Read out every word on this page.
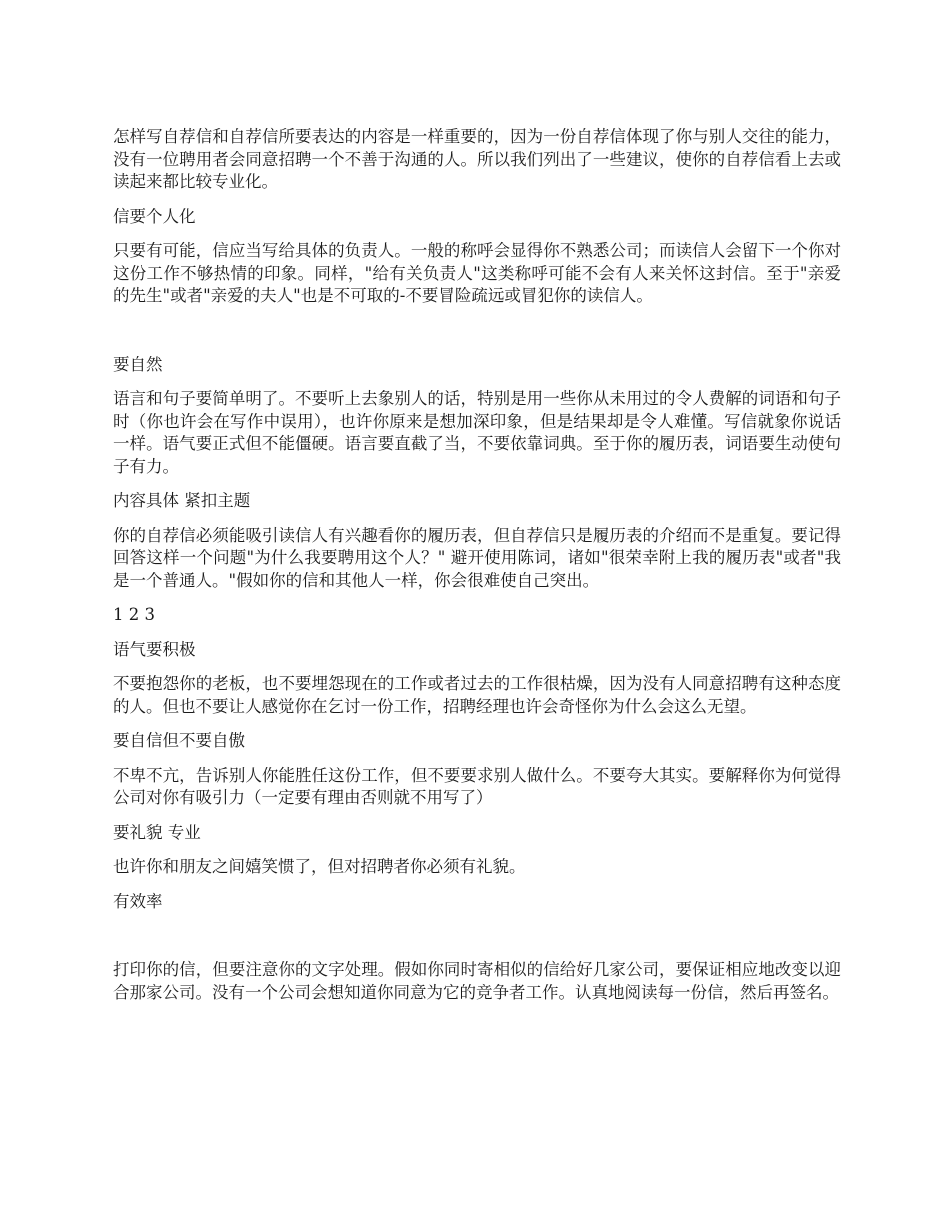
怎样写自荐信和自荐信所要表达的内容是一样重要的，因为一份自荐信体现了你与别人交往的能力，没有一位聘用者会同意招聘一个不善于沟通的人。所以我们列出了一些建议，使你的自荐信看上去或读起来都比较专业化。

信要个人化

只要有可能，信应当写给具体的负责人。一般的称呼会显得你不熟悉公司；而读信人会留下一个你对这份工作不够热情的印象。同样，"给有关负责人"这类称呼可能不会有人来关怀这封信。至于"亲爱的先生"或者"亲爱的夫人"也是不可取的-不要冒险疏远或冒犯你的读信人。

要自然

语言和句子要简单明了。不要听上去象别人的话，特别是用一些你从未用过的令人费解的词语和句子时（你也许会在写作中误用），也许你原来是想加深印象，但是结果却是令人难懂。写信就象你说话一样。语气要正式但不能僵硬。语言要直截了当，不要依靠词典。至于你的履历表，词语要生动使句子有力。

内容具体 紧扣主题

你的自荐信必须能吸引读信人有兴趣看你的履历表，但自荐信只是履历表的介绍而不是重复。要记得回答这样一个问题"为什么我要聘用这个人？" 避开使用陈词，诸如"很荣幸附上我的履历表"或者"我是一个普通人。"假如你的信和其他人一样，你会很难使自己突出。

1 2 3

语气要积极

不要抱怨你的老板，也不要埋怨现在的工作或者过去的工作很枯燥，因为没有人同意招聘有这种态度的人。但也不要让人感觉你在乞讨一份工作，招聘经理也许会奇怪你为什么会这么无望。

要自信但不要自傲

不卑不亢，告诉别人你能胜任这份工作，但不要要求别人做什么。不要夸大其实。要解释你为何觉得公司对你有吸引力（一定要有理由否则就不用写了）

要礼貌 专业

也许你和朋友之间嬉笑惯了，但对招聘者你必须有礼貌。

有效率

打印你的信，但要注意你的文字处理。假如你同时寄相似的信给好几家公司，要保证相应地改变以迎合那家公司。没有一个公司会想知道你同意为它的竞争者工作。认真地阅读每一份信，然后再签名。
